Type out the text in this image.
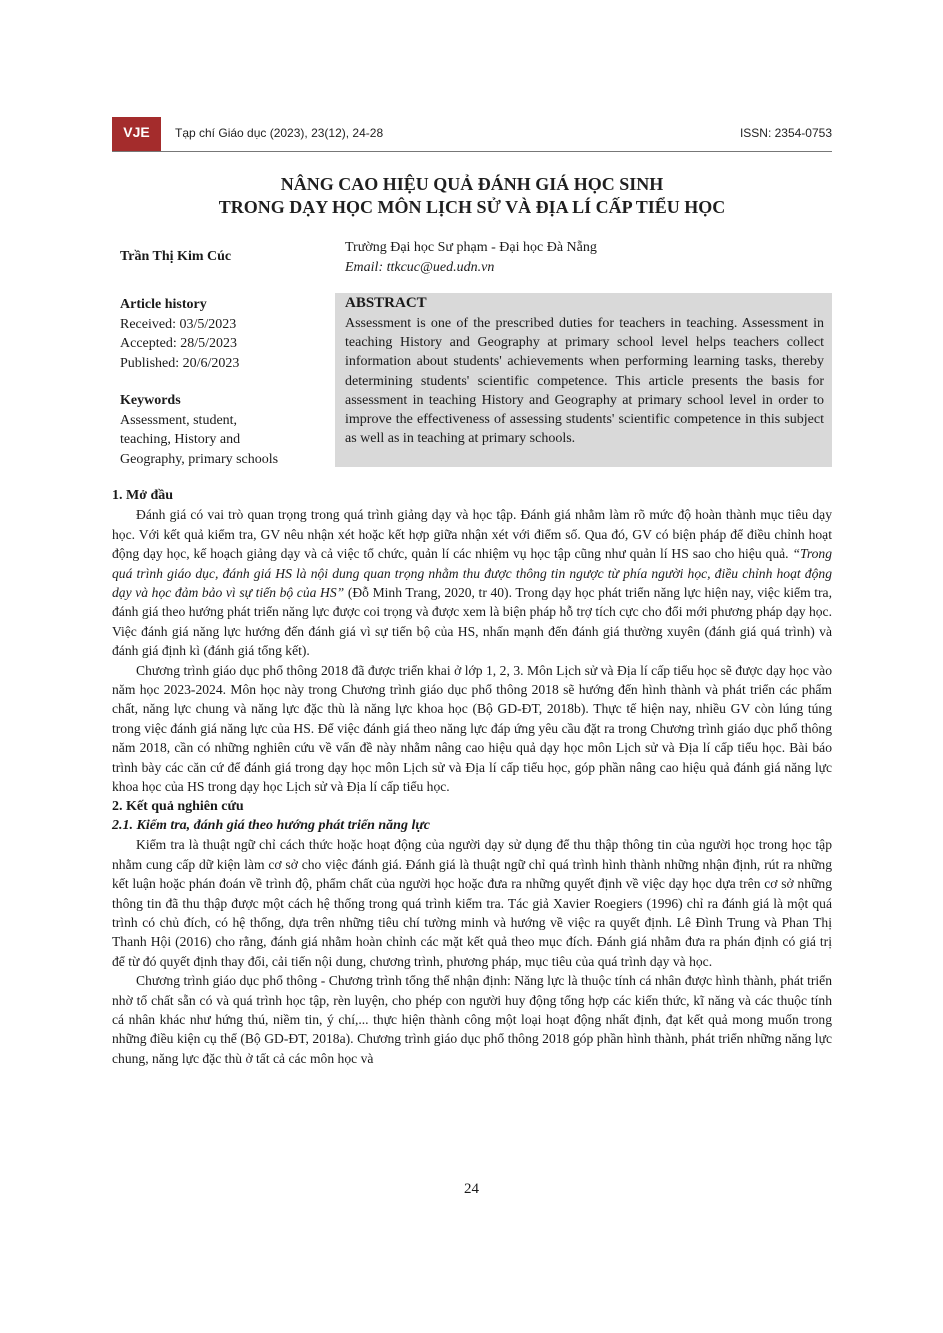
VJE	Tạp chí Giáo dục (2023), 23(12), 24-28	ISSN: 2354-0753
NÂNG CAO HIỆU QUẢ ĐÁNH GIÁ HỌC SINH
TRONG DẠY HỌC MÔN LỊCH SỬ VÀ ĐỊA LÍ CẤP TIỂU HỌC
Trần Thị Kim Cúc
Trường Đại học Sư phạm - Đại học Đà Nẵng
Email: ttkcuc@ued.udn.vn
Article history
Received: 03/5/2023
Accepted: 28/5/2023
Published: 20/6/2023
Keywords
Assessment, student,
teaching, History and
Geography, primary schools
ABSTRACT
Assessment is one of the prescribed duties for teachers in teaching. Assessment in teaching History and Geography at primary school level helps teachers collect information about students' achievements when performing learning tasks, thereby determining students' scientific competence. This article presents the basis for assessment in teaching History and Geography at primary school level in order to improve the effectiveness of assessing students' scientific competence in this subject as well as in teaching at primary schools.
1. Mở đầu

Đánh giá có vai trò quan trọng trong quá trình giảng dạy và học tập. Đánh giá nhằm làm rõ mức độ hoàn thành mục tiêu dạy học. Với kết quả kiểm tra, GV nêu nhận xét hoặc kết hợp giữa nhận xét với điểm số. Qua đó, GV có biện pháp để điều chỉnh hoạt động dạy học, kế hoạch giảng dạy và cả việc tổ chức, quản lí các nhiệm vụ học tập cũng như quản lí HS sao cho hiệu quả. “Trong quá trình giáo dục, đánh giá HS là nội dung quan trọng nhằm thu được thông tin ngược từ phía người học, điều chỉnh hoạt động dạy và học đảm bảo vì sự tiến bộ của HS” (Đỗ Minh Trang, 2020, tr 40). Trong dạy học phát triển năng lực hiện nay, việc kiểm tra, đánh giá theo hướng phát triển năng lực được coi trọng và được xem là biện pháp hỗ trợ tích cực cho đổi mới phương pháp dạy học. Việc đánh giá năng lực hướng đến đánh giá vì sự tiến bộ của HS, nhấn mạnh đến đánh giá thường xuyên (đánh giá quá trình) và đánh giá định kì (đánh giá tổng kết).

Chương trình giáo dục phổ thông 2018 đã được triển khai ở lớp 1, 2, 3. Môn Lịch sử và Địa lí cấp tiểu học sẽ được dạy học vào năm học 2023-2024. Môn học này trong Chương trình giáo dục phổ thông 2018 sẽ hướng đến hình thành và phát triển các phẩm chất, năng lực chung và năng lực đặc thù là năng lực khoa học (Bộ GD-ĐT, 2018b). Thực tế hiện nay, nhiều GV còn lúng túng trong việc đánh giá năng lực của HS. Để việc đánh giá theo năng lực đáp ứng yêu cầu đặt ra trong Chương trình giáo dục phổ thông năm 2018, cần có những nghiên cứu về vấn đề này nhằm nâng cao hiệu quả dạy học môn Lịch sử và Địa lí cấp tiểu học. Bài báo trình bày các căn cứ để đánh giá trong dạy học môn Lịch sử và Địa lí cấp tiểu học, góp phần nâng cao hiệu quả đánh giá năng lực khoa học của HS trong dạy học Lịch sử và Địa lí cấp tiểu học.

2. Kết quả nghiên cứu
2.1. Kiểm tra, đánh giá theo hướng phát triển năng lực

Kiểm tra là thuật ngữ chỉ cách thức hoặc hoạt động của người dạy sử dụng để thu thập thông tin của người học trong học tập nhằm cung cấp dữ kiện làm cơ sở cho việc đánh giá. Đánh giá là thuật ngữ chỉ quá trình hình thành những nhận định, rút ra những kết luận hoặc phán đoán về trình độ, phẩm chất của người học hoặc đưa ra những quyết định về việc dạy học dựa trên cơ sở những thông tin đã thu thập được một cách hệ thống trong quá trình kiểm tra. Tác giả Xavier Roegiers (1996) chỉ ra đánh giá là một quá trình có chủ đích, có hệ thống, dựa trên những tiêu chí tường minh và hướng về việc ra quyết định. Lê Đình Trung và Phan Thị Thanh Hội (2016) cho rằng, đánh giá nhằm hoàn chỉnh các mặt kết quả theo mục đích. Đánh giá nhằm đưa ra phán định có giá trị để từ đó quyết định thay đổi, cải tiến nội dung, chương trình, phương pháp, mục tiêu của quá trình dạy và học.

Chương trình giáo dục phổ thông - Chương trình tổng thể nhận định: Năng lực là thuộc tính cá nhân được hình thành, phát triển nhờ tố chất sẵn có và quá trình học tập, rèn luyện, cho phép con người huy động tổng hợp các kiến thức, kĩ năng và các thuộc tính cá nhân khác như hứng thú, niềm tin, ý chí,... thực hiện thành công một loại hoạt động nhất định, đạt kết quả mong muốn trong những điều kiện cụ thể (Bộ GD-ĐT, 2018a). Chương trình giáo dục phổ thông 2018 góp phần hình thành, phát triển những năng lực chung, năng lực đặc thù ở tất cả các môn học và

24
